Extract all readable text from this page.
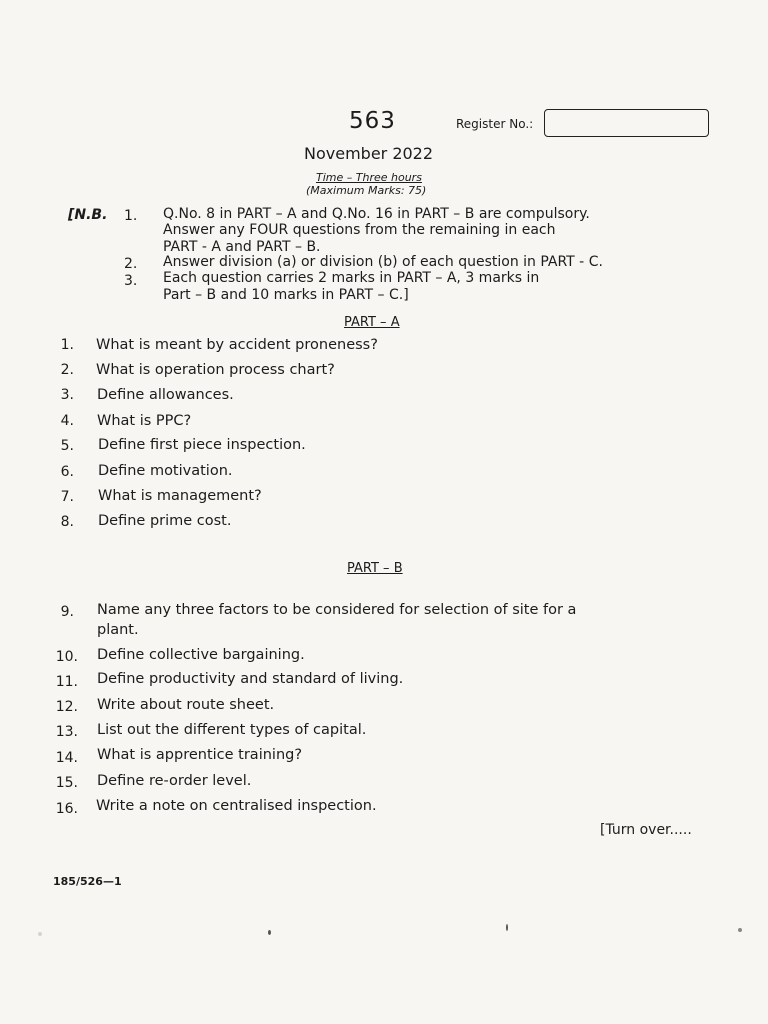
563	Register No.:
November 2022
Time – Three hours
(Maximum Marks: 75)
[N.B. 1. Q.No. 8 in PART – A and Q.No. 16 in PART – B are compulsory.
Answer any FOUR questions from the remaining in each
PART - A and PART – B.
2. Answer division (a) or division (b) of each question in PART - C.
3. Each question carries 2 marks in PART – A, 3 marks in
Part – B and 10 marks in PART – C.]
PART – A
1. What is meant by accident proneness?
2. What is operation process chart?
3. Define allowances.
4. What is PPC?
5. Define first piece inspection.
6. Define motivation.
7. What is management?
8. Define prime cost.
PART – B
9. Name any three factors to be considered for selection of site for a
plant.
10. Define collective bargaining.
11. Define productivity and standard of living.
12. Write about route sheet.
13. List out the different types of capital.
14. What is apprentice training?
15. Define re-order level.
16. Write a note on centralised inspection.
[Turn over.....
185/526—1
